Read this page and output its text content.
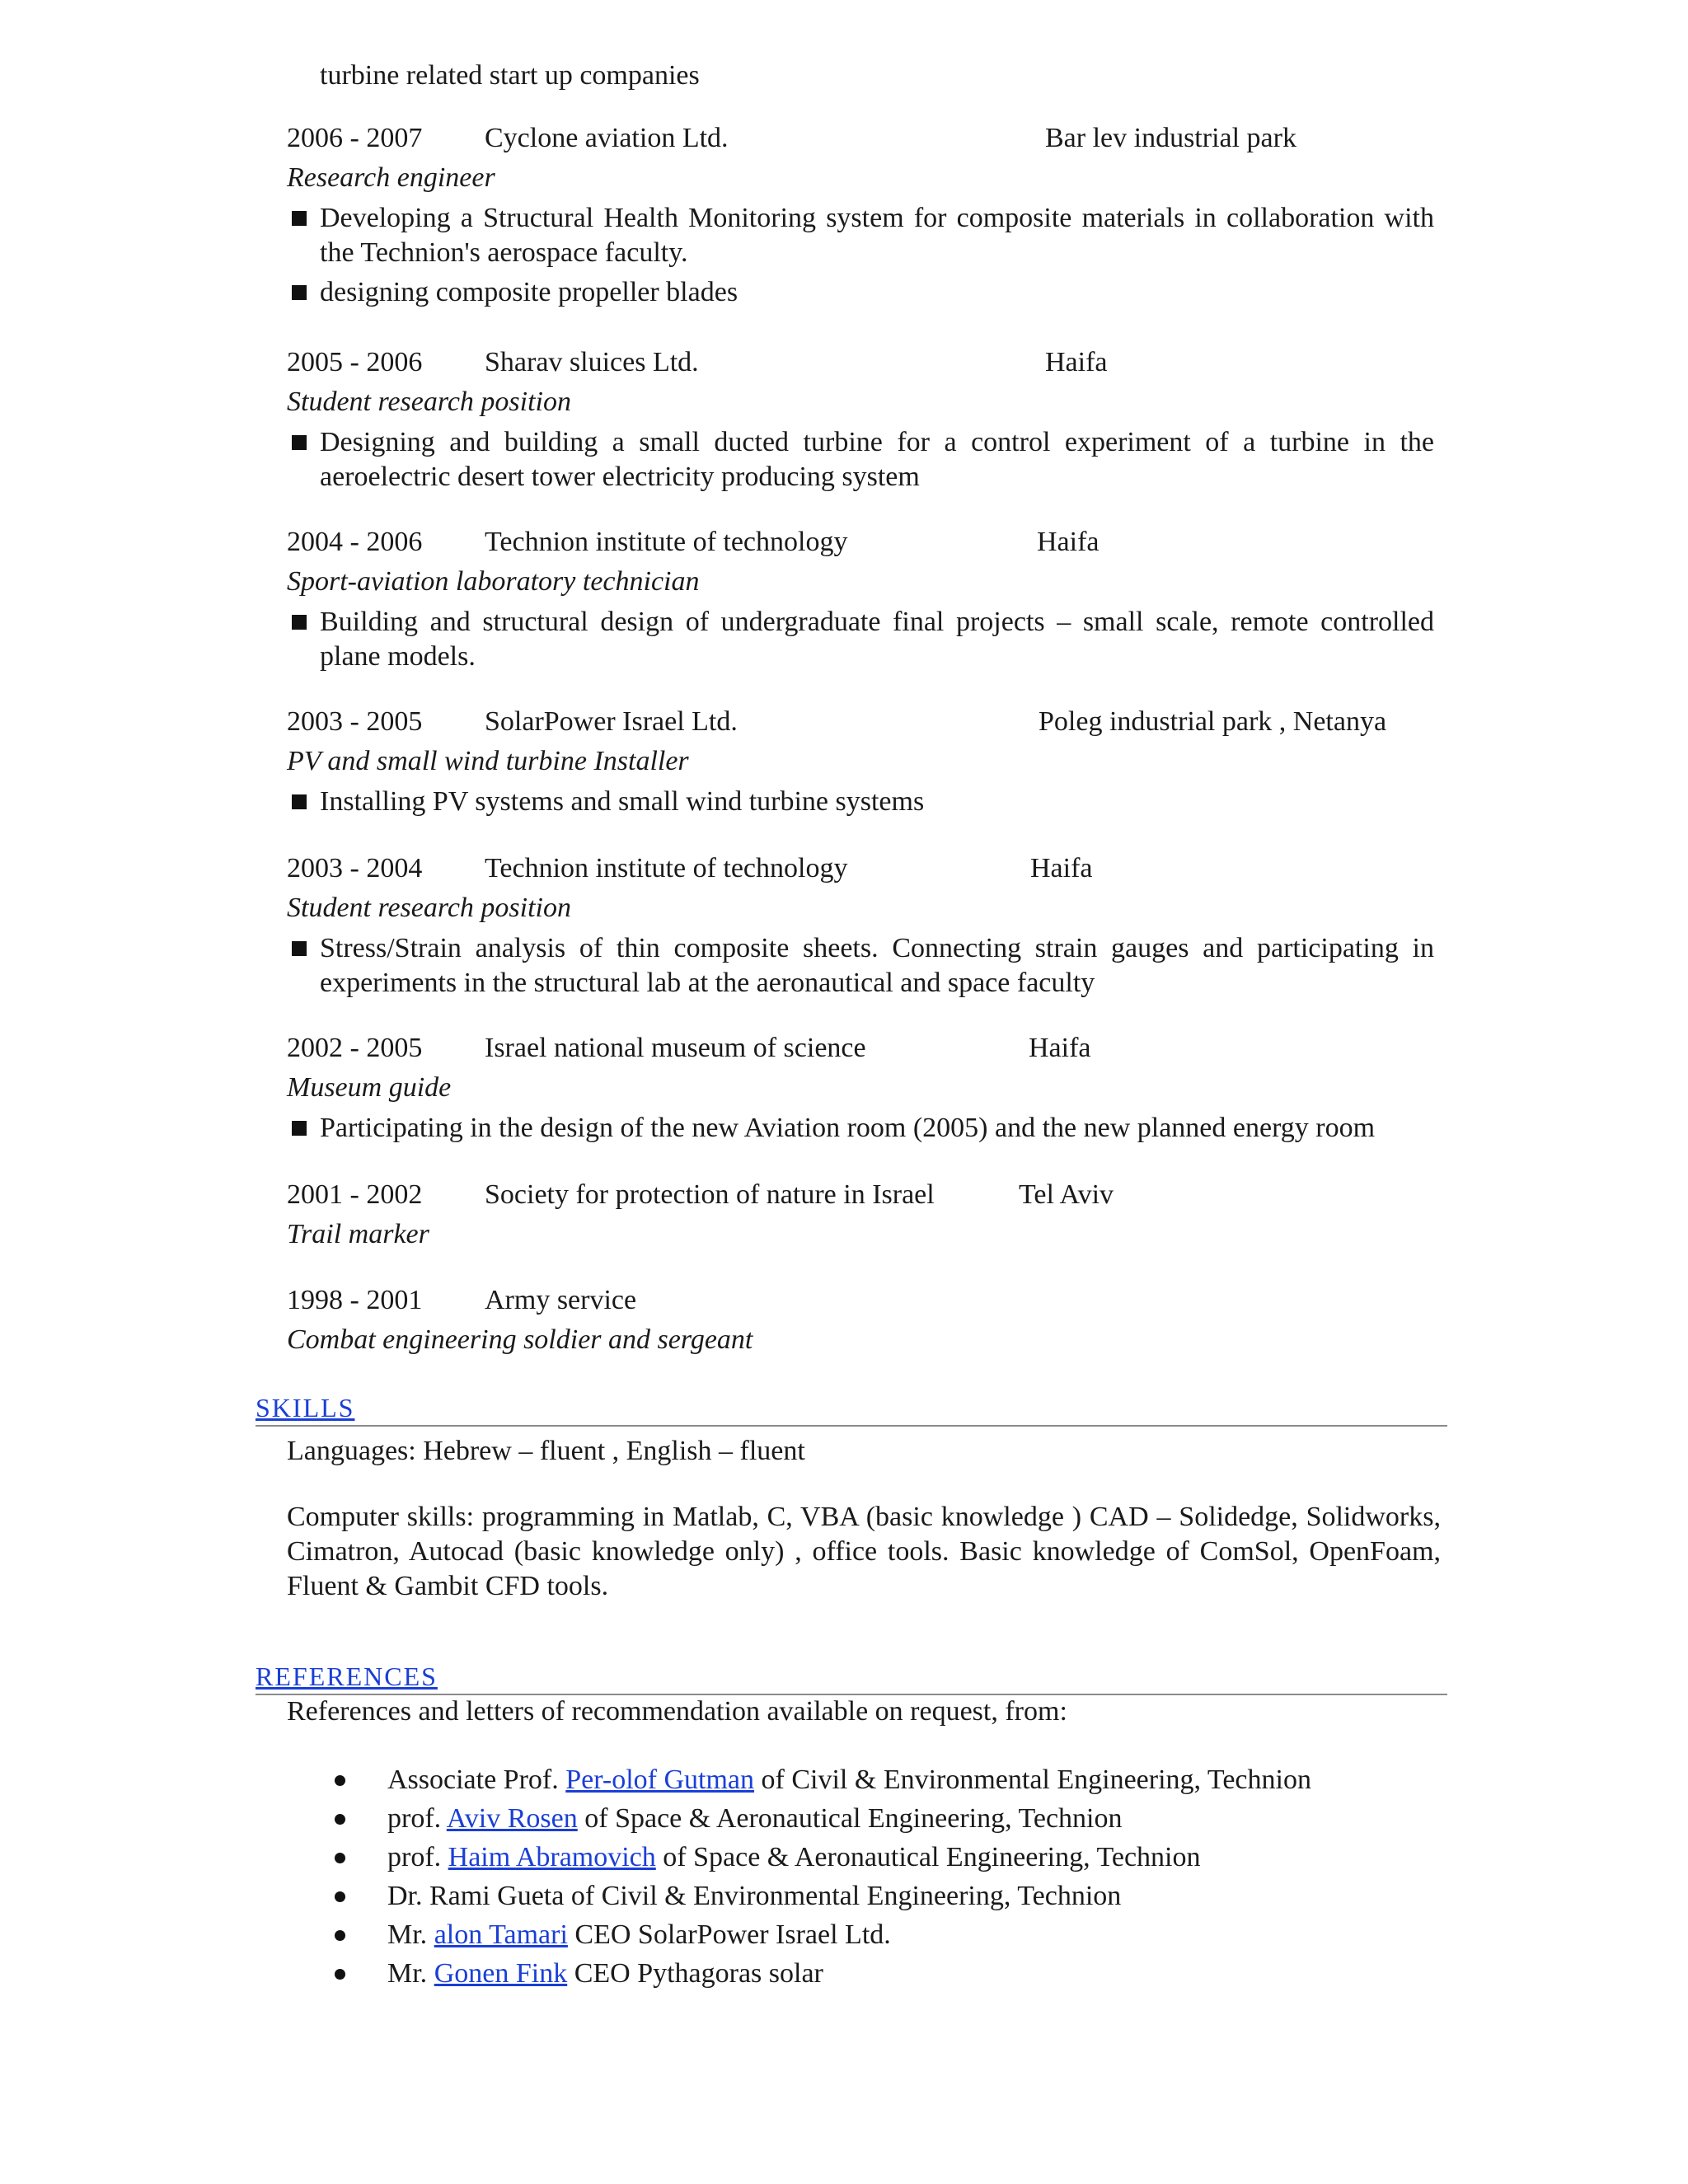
turbine related start up companies
2006 - 2007 Cyclone aviation Ltd.	Bar lev industrial park
Research engineer
Developing a Structural Health Monitoring system for composite materials in collaboration with the Technion's aerospace faculty.
designing composite propeller blades
2005 - 2006 Sharav sluices Ltd.	Haifa
Student research position
Designing and building a small ducted turbine for a control experiment of a turbine in the aeroelectric desert tower electricity producing system
2004 - 2006 Technion institute of technology	Haifa
Sport-aviation laboratory technician
Building and structural design of undergraduate final projects – small scale, remote controlled plane models.
2003 - 2005 SolarPower Israel Ltd.	Poleg industrial park , Netanya
PV and small wind turbine Installer
Installing PV systems and small wind turbine systems
2003 - 2004 Technion institute of technology	Haifa
Student research position
Stress/Strain analysis of thin composite sheets. Connecting strain gauges and participating in experiments in the structural lab at the aeronautical and space faculty
2002 - 2005 Israel national museum of science	Haifa
Museum guide
Participating in the design of the new Aviation room (2005) and the new planned energy room
2001 - 2002 Society for protection of nature in Israel	Tel Aviv
Trail marker
1998 - 2001 Army service
Combat engineering soldier and sergeant
SKILLS
Languages: Hebrew – fluent , English – fluent
Computer skills: programming in Matlab, C, VBA (basic knowledge ) CAD – Solidedge, Solidworks, Cimatron, Autocad (basic knowledge only) , office tools. Basic knowledge of ComSol, OpenFoam, Fluent & Gambit CFD tools.
REFERENCES
References and letters of recommendation available on request, from:
Associate Prof. Per-olof Gutman of Civil & Environmental Engineering, Technion
prof. Aviv Rosen of Space & Aeronautical Engineering, Technion
prof. Haim Abramovich of Space & Aeronautical Engineering, Technion
Dr. Rami Gueta of Civil & Environmental Engineering, Technion
Mr. alon Tamari CEO SolarPower Israel Ltd.
Mr. Gonen Fink CEO Pythagoras solar
